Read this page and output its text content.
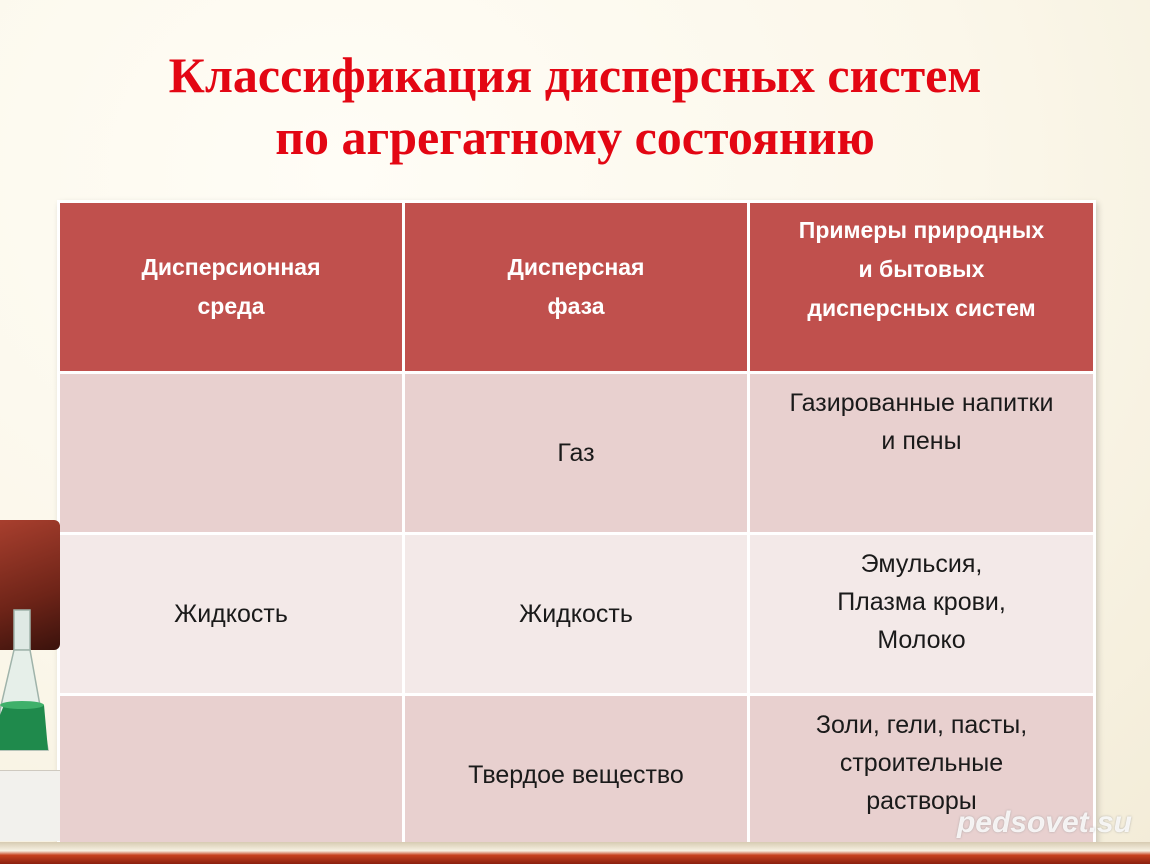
Классификация дисперсных систем
по агрегатному состоянию
Дисперсионная
среда	Дисперсная
фаза	Примеры природных
и бытовых
дисперсных систем

	Газ	Газированные напитки
и пены

Жидкость	Жидкость	Эмульсия,
Плазма крови,
Молоко

	Твердое вещество	Золи, гели, пасты,
строительные
растворы
pedsovet.su
